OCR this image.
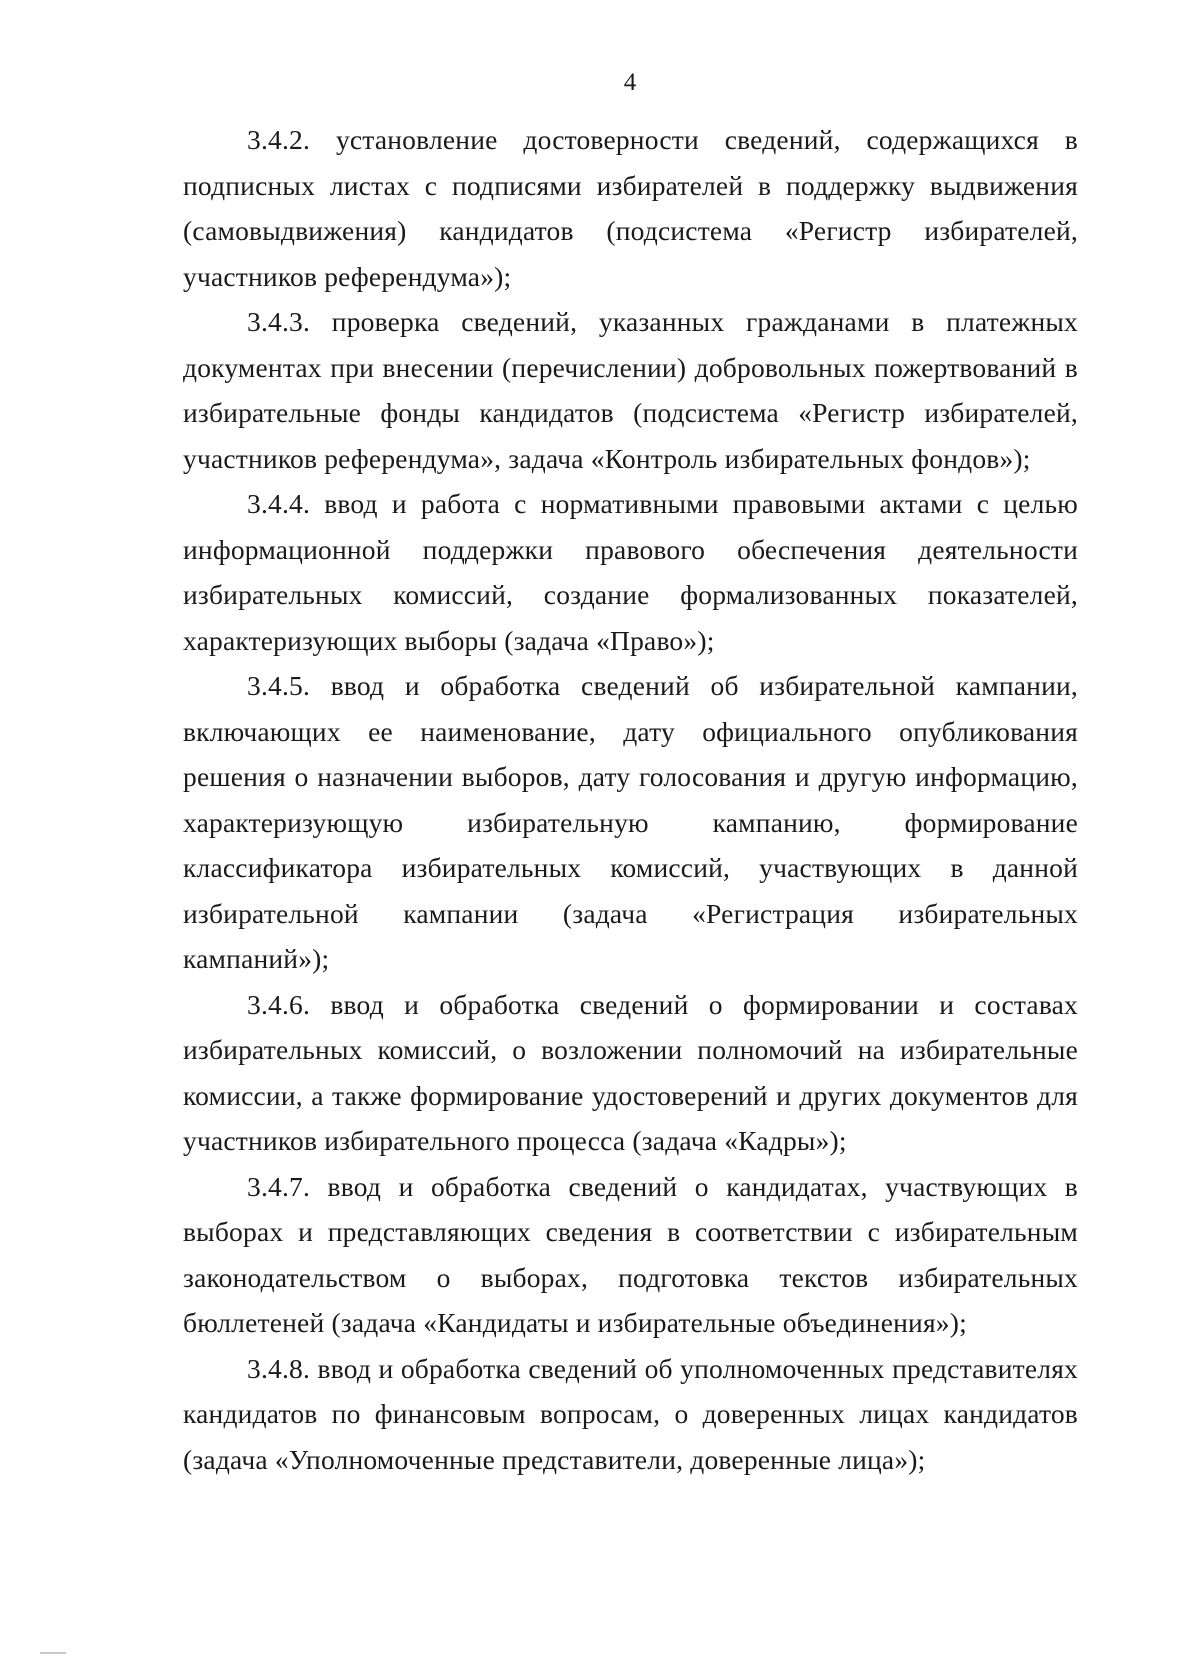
4

3.4.2. установление достоверности сведений, содержащихся в подписных листах с подписями избирателей в поддержку выдвижения (самовыдвижения) кандидатов (подсистема «Регистр избирателей, участников референдума»);

3.4.3. проверка сведений, указанных гражданами в платежных документах при внесении (перечислении) добровольных пожертвований в избирательные фонды кандидатов (подсистема «Регистр избирателей, участников референдума», задача «Контроль избирательных фондов»);

3.4.4. ввод и работа с нормативными правовыми актами с целью информационной поддержки правового обеспечения деятельности избирательных комиссий, создание формализованных показателей, характеризующих выборы (задача «Право»);

3.4.5. ввод и обработка сведений об избирательной кампании, включающих ее наименование, дату официального опубликования решения о назначении выборов, дату голосования и другую информацию, характеризующую избирательную кампанию, формирование классификатора избирательных комиссий, участвующих в данной избирательной кампании (задача «Регистрация избирательных кампаний»);

3.4.6. ввод и обработка сведений о формировании и составах избирательных комиссий, о возложении полномочий на избирательные комиссии, а также формирование удостоверений и других документов для участников избирательного процесса (задача «Кадры»);

3.4.7. ввод и обработка сведений о кандидатах, участвующих в выборах и представляющих сведения в соответствии с избирательным законодательством о выборах, подготовка текстов избирательных бюллетеней (задача «Кандидаты и избирательные объединения»);

3.4.8. ввод и обработка сведений об уполномоченных представителях кандидатов по финансовым вопросам, о доверенных лицах кандидатов (задача «Уполномоченные представители, доверенные лица»);
